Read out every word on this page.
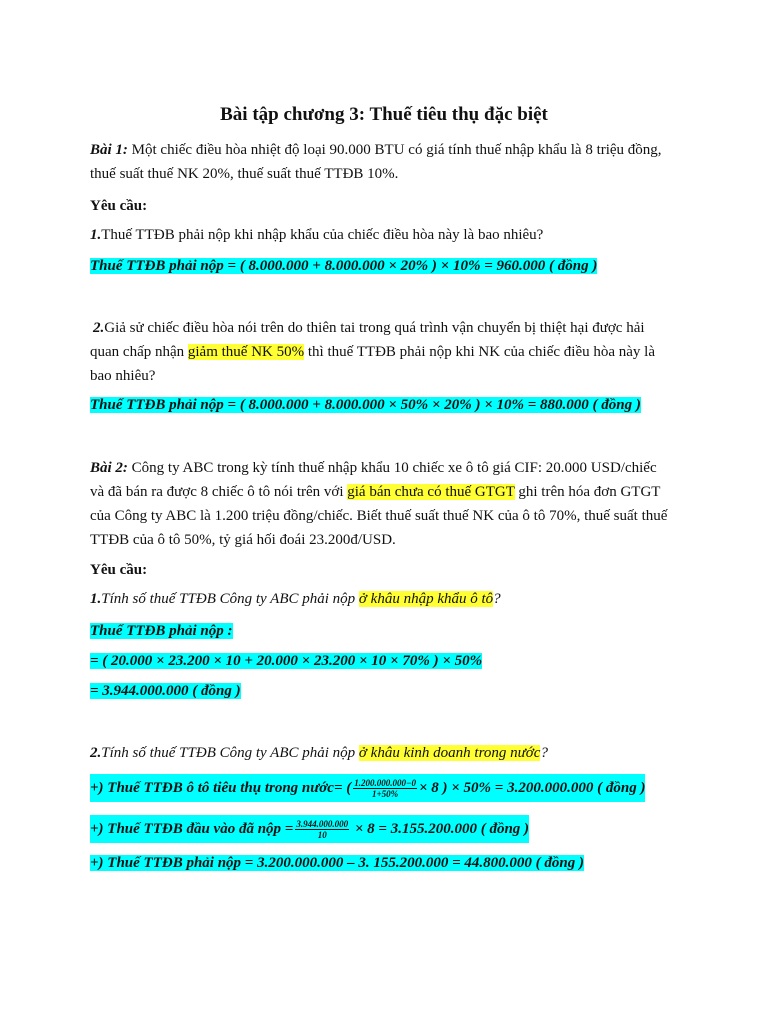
Bài tập chương 3: Thuế tiêu thụ đặc biệt
Bài 1: Một chiếc điều hòa nhiệt độ loại 90.000 BTU có giá tính thuế nhập khẩu là 8 triệu đồng,
thuế suất thuế NK 20%, thuế suất thuế TTĐB 10%.
Yêu cầu:
1.Thuế TTĐB phải nộp khi nhập khẩu của chiếc điều hòa này là bao nhiêu?
Thuế TTĐB phải nộp = ( 8.000.000 + 8.000.000 × 20% ) × 10% = 960.000 ( đồng )
2.Giả sử chiếc điều hòa nói trên do thiên tai trong quá trình vận chuyển bị thiệt hại được hải
quan chấp nhận giảm thuế NK 50% thì thuế TTĐB phải nộp khi NK của chiếc điều hòa này là
bao nhiêu?
Thuế TTĐB phải nộp = ( 8.000.000 + 8.000.000 × 50% × 20% ) × 10% = 880.000 ( đồng )
Bài 2: Công ty ABC trong kỳ tính thuế nhập khẩu 10 chiếc xe ô tô giá CIF: 20.000 USD/chiếc
và đã bán ra được 8 chiếc ô tô nói trên với giá bán chưa có thuế GTGT ghi trên hóa đơn GTGT
của Công ty ABC là 1.200 triệu đồng/chiếc. Biết thuế suất thuế NK của ô tô 70%, thuế suất thuế
TTĐB của ô tô 50%, tỷ giá hối đoái 23.200đ/USD.
Yêu cầu:
1.Tính số thuế TTĐB Công ty ABC phải nộp ở khâu nhập khẩu ô tô?
Thuế TTĐB phải nộp :
= ( 20.000 × 23.200 × 10 + 20.000 × 23.200 × 10 × 70% ) × 50%
= 3.944.000.000 ( đồng )
2.Tính số thuế TTĐB Công ty ABC phải nộp ở khâu kinh doanh trong nước?
+) Thuế TTĐB ô tô tiêu thụ trong nước= ( $\frac{1.200.000.000-0}{1+50\%} \times 8$ ) × 50% = 3.200.000.000 ( đồng )
+) Thuế TTĐB đầu vào đã nộp = $\frac{3.944.000.000}{10} \times 8 = 3.155.200.000$ ( đồng )
+) Thuế TTĐB phải nộp = 3.200.000.000 – 3. 155.200.000 = 44.800.000 ( đồng )
